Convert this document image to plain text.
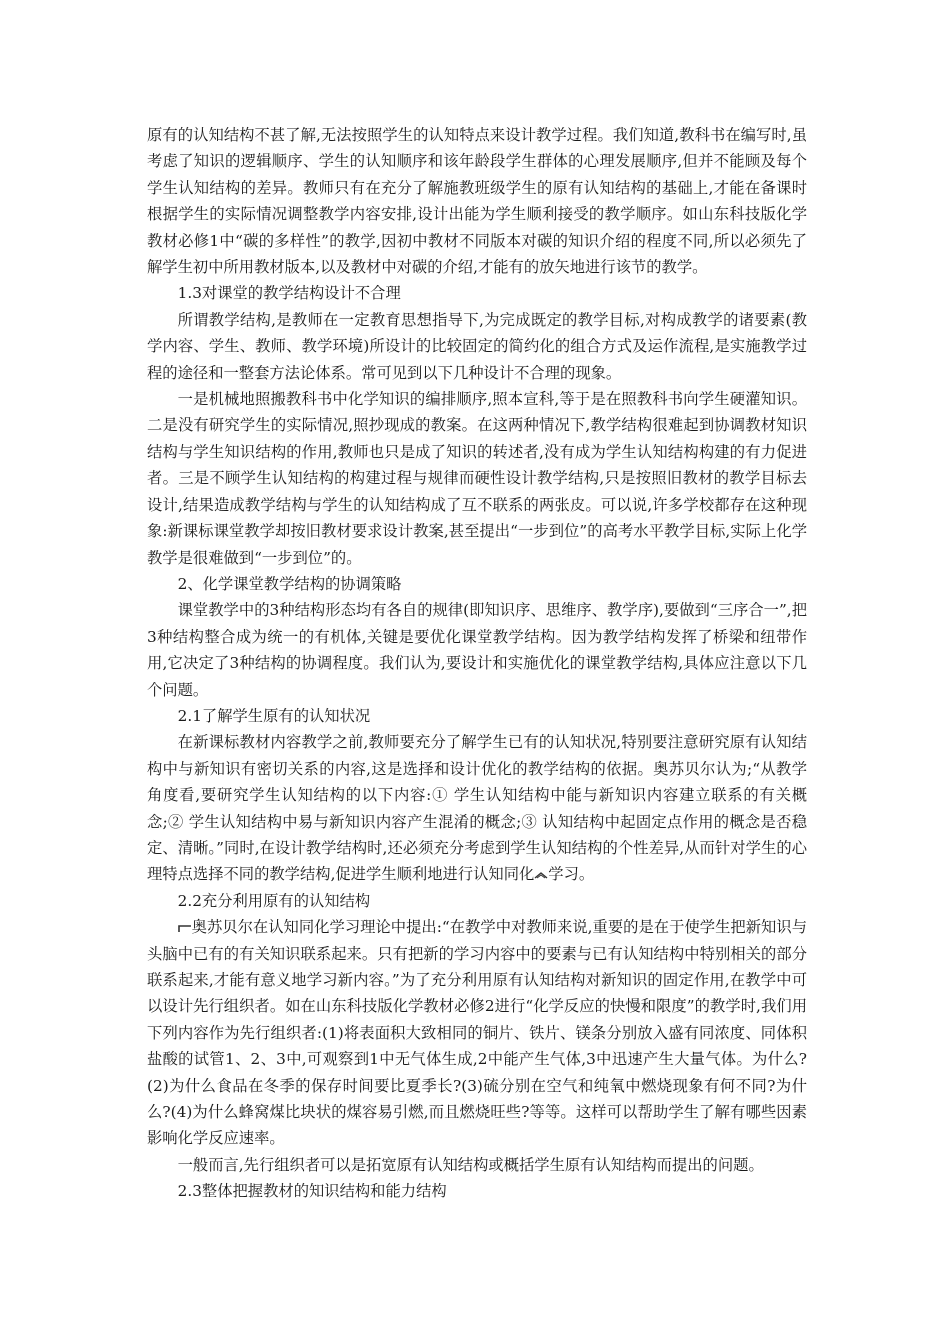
原有的认知结构不甚了解,无法按照学生的认知特点来设计教学过程。我们知道,教科书在编写时,虽考虑了知识的逻辑顺序、学生的认知顺序和该年龄段学生群体的心理发展顺序,但并不能顾及每个学生认知结构的差异。教师只有在充分了解施教班级学生的原有认知结构的基础上,才能在备课时根据学生的实际情况调整教学内容安排,设计出能为学生顺利接受的教学顺序。如山东科技版化学教材必修1中“碳的多样性”的教学,因初中教材不同版本对碳的知识介绍的程度不同,所以必须先了解学生初中所用教材版本,以及教材中对碳的介绍,才能有的放矢地进行该节的教学。

1.3对课堂的教学结构设计不合理

所谓教学结构,是教师在一定教育思想指导下,为完成既定的教学目标,对构成教学的诸要素(教学内容、学生、教师、教学环境)所设计的比较固定的简约化的组合方式及运作流程,是实施教学过程的途径和一整套方法论体系。常可见到以下几种设计不合理的现象。

一是机械地照搬教科书中化学知识的编排顺序,照本宣科,等于是在照教科书向学生硬灌知识。二是没有研究学生的实际情况,照抄现成的教案。在这两种情况下,教学结构很难起到协调教材知识结构与学生知识结构的作用,教师也只是成了知识的转述者,没有成为学生认知结构构建的有力促进者。三是不顾学生认知结构的构建过程与规律而硬性设计教学结构,只是按照旧教材的教学目标去设计,结果造成教学结构与学生的认知结构成了互不联系的两张皮。可以说,许多学校都存在这种现象:新课标课堂教学却按旧教材要求设计教案,甚至提出“一步到位”的高考水平教学目标,实际上化学教学是很难做到“一步到位”的。

2、化学课堂教学结构的协调策略

课堂教学中的3种结构形态均有各自的规律(即知识序、思维序、教学序),要做到“三序合一”,把3种结构整合成为统一的有机体,关键是要优化课堂教学结构。因为教学结构发挥了桥梁和纽带作用,它决定了3种结构的协调程度。我们认为,要设计和实施优化的课堂教学结构,具体应注意以下几个问题。

2.1了解学生原有的认知状况

在新课标教材内容教学之前,教师要充分了解学生已有的认知状况,特别要注意研究原有认知结构中与新知识有密切关系的内容,这是选择和设计优化的教学结构的依据。奥苏贝尔认为;“从教学角度看,要研究学生认知结构的以下内容:① 学生认知结构中能与新知识内容建立联系的有关概念;② 学生认知结构中易与新知识内容产生混淆的概念;③ 认知结构中起固定点作用的概念是否稳定、清晰。”同时,在设计教学结构时,还必须充分考虑到学生认知结构的个性差异,从而针对学生的心理特点选择不同的教学结构,促进学生顺利地进行认知同化 学习。

2.2充分利用原有的认知结构

奥苏贝尔在认知同化学习理论中提出:“在教学中对教师来说,重要的是在于使学生把新知识与头脑中已有的有关知识联系起来。只有把新的学习内容中的要素与已有认知结构中特别相关的部分联系起来,才能有意义地学习新内容。”为了充分利用原有认知结构对新知识的固定作用,在教学中可以设计先行组织者。如在山东科技版化学教材必修2进行“化学反应的快慢和限度”的教学时,我们用下列内容作为先行组织者:(1)将表面积大致相同的铜片、铁片、镁条分别放入盛有同浓度、同体积盐酸的试管1、2、3中,可观察到1中无气体生成,2中能产生气体,3中迅速产生大量气体。为什么?(2)为什么食品在冬季的保存时间要比夏季长?(3)硫分别在空气和纯氧中燃烧现象有何不同?为什么?(4)为什么蜂窝煤比块状的煤容易引燃,而且燃烧旺些?等等。这样可以帮助学生了解有哪些因素影响化学反应速率。

一般而言,先行组织者可以是拓宽原有认知结构或概括学生原有认知结构而提出的问题。

2.3整体把握教材的知识结构和能力结构
